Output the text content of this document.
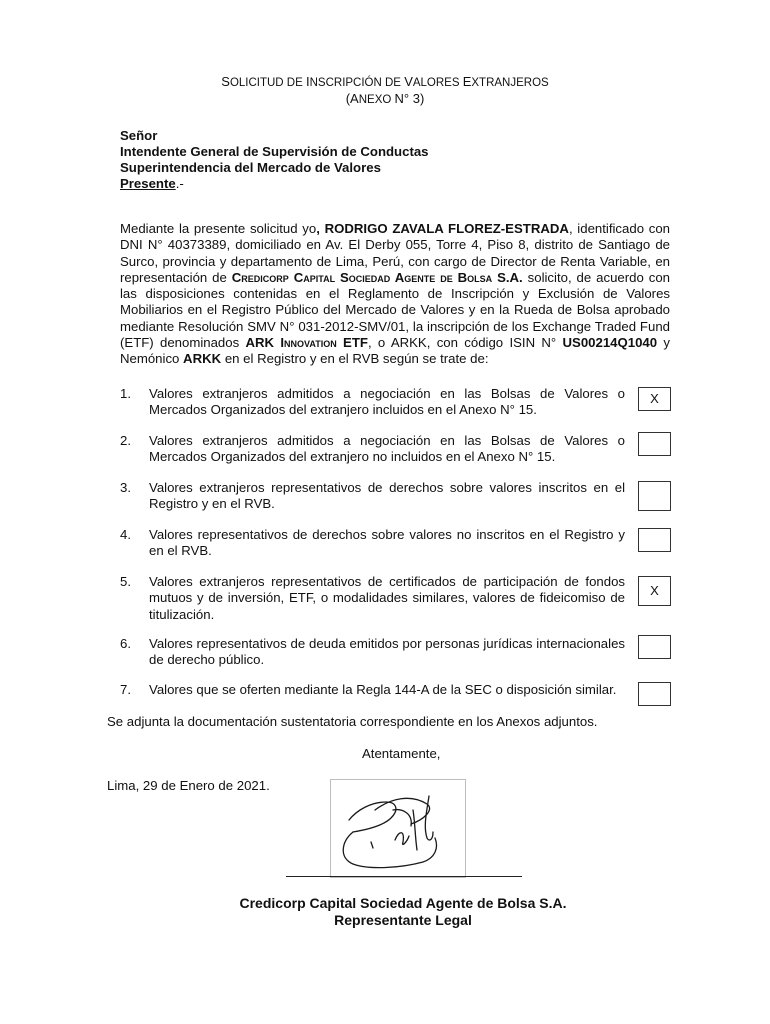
SOLICITUD DE INSCRIPCIÓN DE VALORES EXTRANJEROS
(ANEXO N° 3)
Señor
Intendente General de Supervisión de Conductas
Superintendencia del Mercado de Valores
Presente.-
Mediante la presente solicitud yo, RODRIGO ZAVALA FLOREZ-ESTRADA, identificado con DNI N° 40373389, domiciliado en Av. El Derby 055, Torre 4, Piso 8, distrito de Santiago de Surco, provincia y departamento de Lima, Perú, con cargo de Director de Renta Variable, en representación de Credicorp Capital Sociedad Agente de Bolsa S.A. solicito, de acuerdo con las disposiciones contenidas en el Reglamento de Inscripción y Exclusión de Valores Mobiliarios en el Registro Público del Mercado de Valores y en la Rueda de Bolsa aprobado mediante Resolución SMV N° 031-2012-SMV/01, la inscripción de los Exchange Traded Fund (ETF) denominados ARK Innovation ETF, o ARKK, con código ISIN N° US00214Q1040 y Nemónico ARKK en el Registro y en el RVB según se trate de:
1.	Valores extranjeros admitidos a negociación en las Bolsas de Valores o Mercados Organizados del extranjero incluidos en el Anexo N° 15.
X
2.	Valores extranjeros admitidos a negociación en las Bolsas de Valores o Mercados Organizados del extranjero no incluidos en el Anexo N° 15.
3.	Valores extranjeros representativos de derechos sobre valores inscritos en el Registro y en el RVB.
4.	Valores representativos de derechos sobre valores no inscritos en el Registro y en el RVB.
5.	Valores extranjeros representativos de certificados de participación de fondos mutuos y de inversión, ETF, o modalidades similares, valores de fideicomiso de titulización.
X
6.	Valores representativos de deuda emitidos por personas jurídicas internacionales de derecho público.
7.	Valores que se oferten mediante la Regla 144-A de la SEC o disposición similar.
Se adjunta la documentación sustentatoria correspondiente en los Anexos adjuntos.
Atentamente,
Lima, 29 de Enero de 2021.
Credicorp Capital Sociedad Agente de Bolsa S.A.
Representante Legal
